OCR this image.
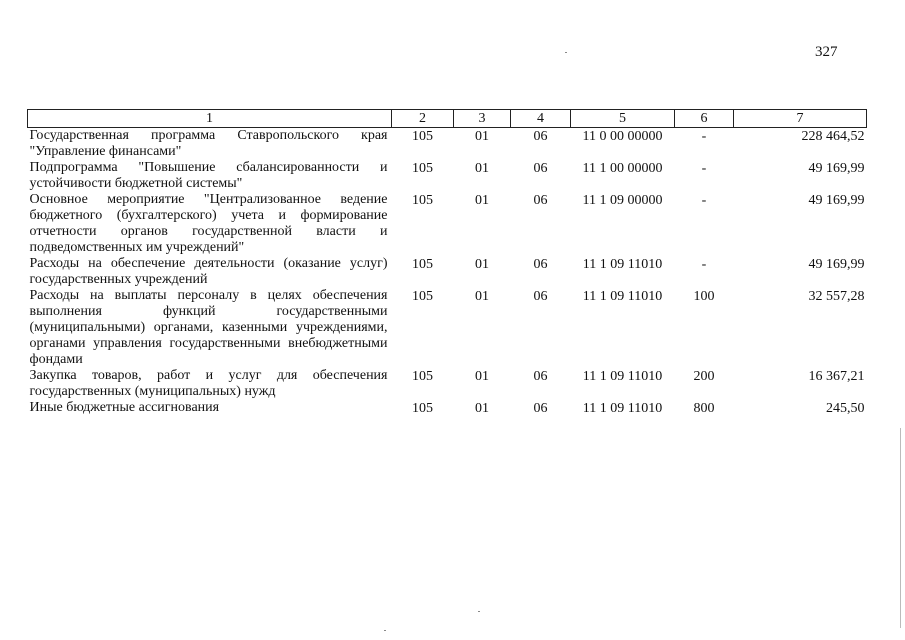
327
1	2	3	4	5	6	7
Государственная программа Ставропольского края "Управление финансами"	105	01	06	11 0 00 00000	-	228 464,52
Подпрограмма "Повышение сбалансированности и устойчивости бюджетной системы"	105	01	06	11 1 00 00000	-	49 169,99
Основное мероприятие "Централизованное ведение бюджетного (бухгалтерского) учета и формирование отчетности органов государственной власти и подведомственных им учреждений"	105	01	06	11 1 09 00000	-	49 169,99
Расходы на обеспечение деятельности (оказание услуг) государственных учреждений	105	01	06	11 1 09 11010	-	49 169,99
Расходы на выплаты персоналу в целях обеспечения выполнения функций государственными (муниципальными) органами, казенными учреждениями, органами управления государственными внебюджетными фондами	105	01	06	11 1 09 11010	100	32 557,28
Закупка товаров, работ и услуг для обеспечения государственных (муниципальных) нужд	105	01	06	11 1 09 11010	200	16 367,21
Иные бюджетные ассигнования	105	01	06	11 1 09 11010	800	245,50
